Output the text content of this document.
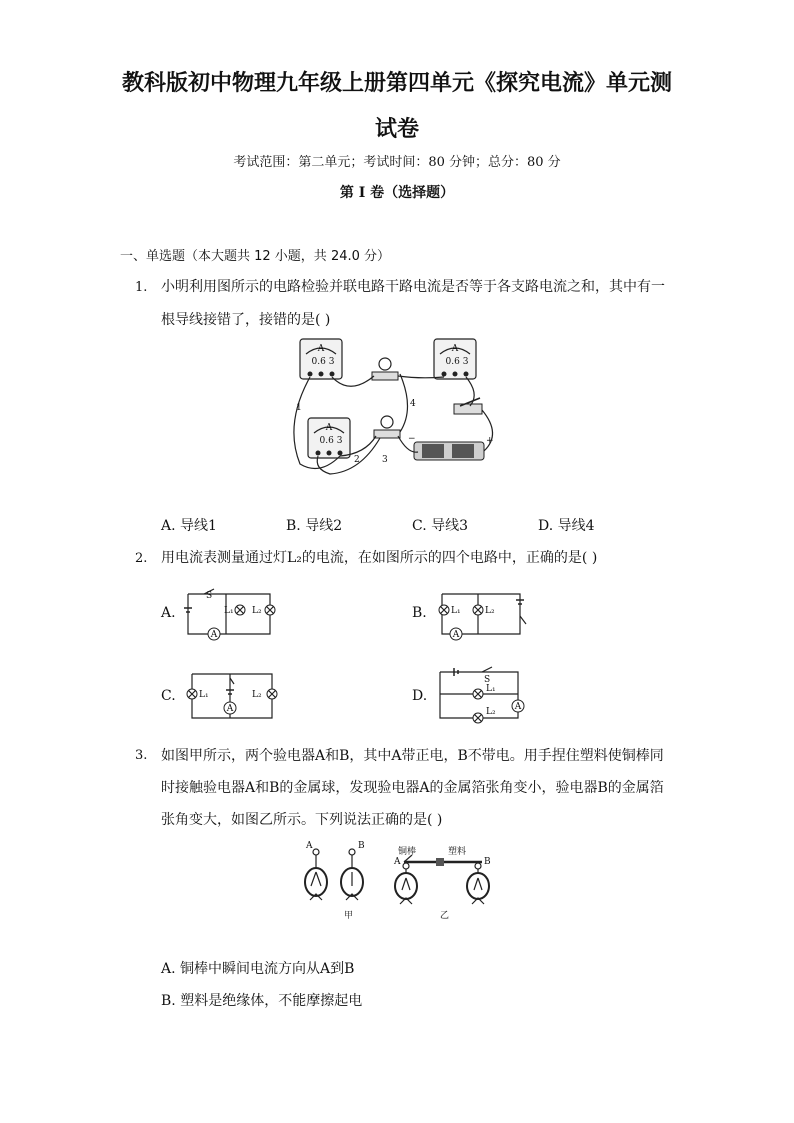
教科版初中物理九年级上册第四单元《探究电流》单元测
试卷
考试范围：第二单元；考试时间：80 分钟；总分：80 分
第 I 卷（选择题）
一、单选题（本大题共 12 小题，共 24.0 分）
1. 小明利用图所示的电路检验并联电路干路电流是否等于各支路电流之和，其中有一根导线接错了，接错的是( )
A
0.6 3
A
0.6 3
A
0.6 3	−	+
1
2 3
4
A. 导线1	B. 导线2	C. 导线3	D. 导线4
2. 用电流表测量通过灯L₂的电流，在如图所示的四个电路中，正确的是( )
A.
S
L₁ L₂
A
B.	L₁	L₂
A
C.	L₁	L₂
A
D.
S
L₁
L₂ A
3. 如图甲所示，两个验电器A和B，其中A带正电，B不带电。用手捏住塑料使铜棒同时接触验电器A和B的金属球，发现验电器A的金属箔张角变小，验电器B的金属箔张角变大，如图乙所示。下列说法正确的是( )
A	B
甲
铜棒	塑料
A	B
乙
A. 铜棒中瞬间电流方向从A到B
B. 塑料是绝缘体，不能摩擦起电
